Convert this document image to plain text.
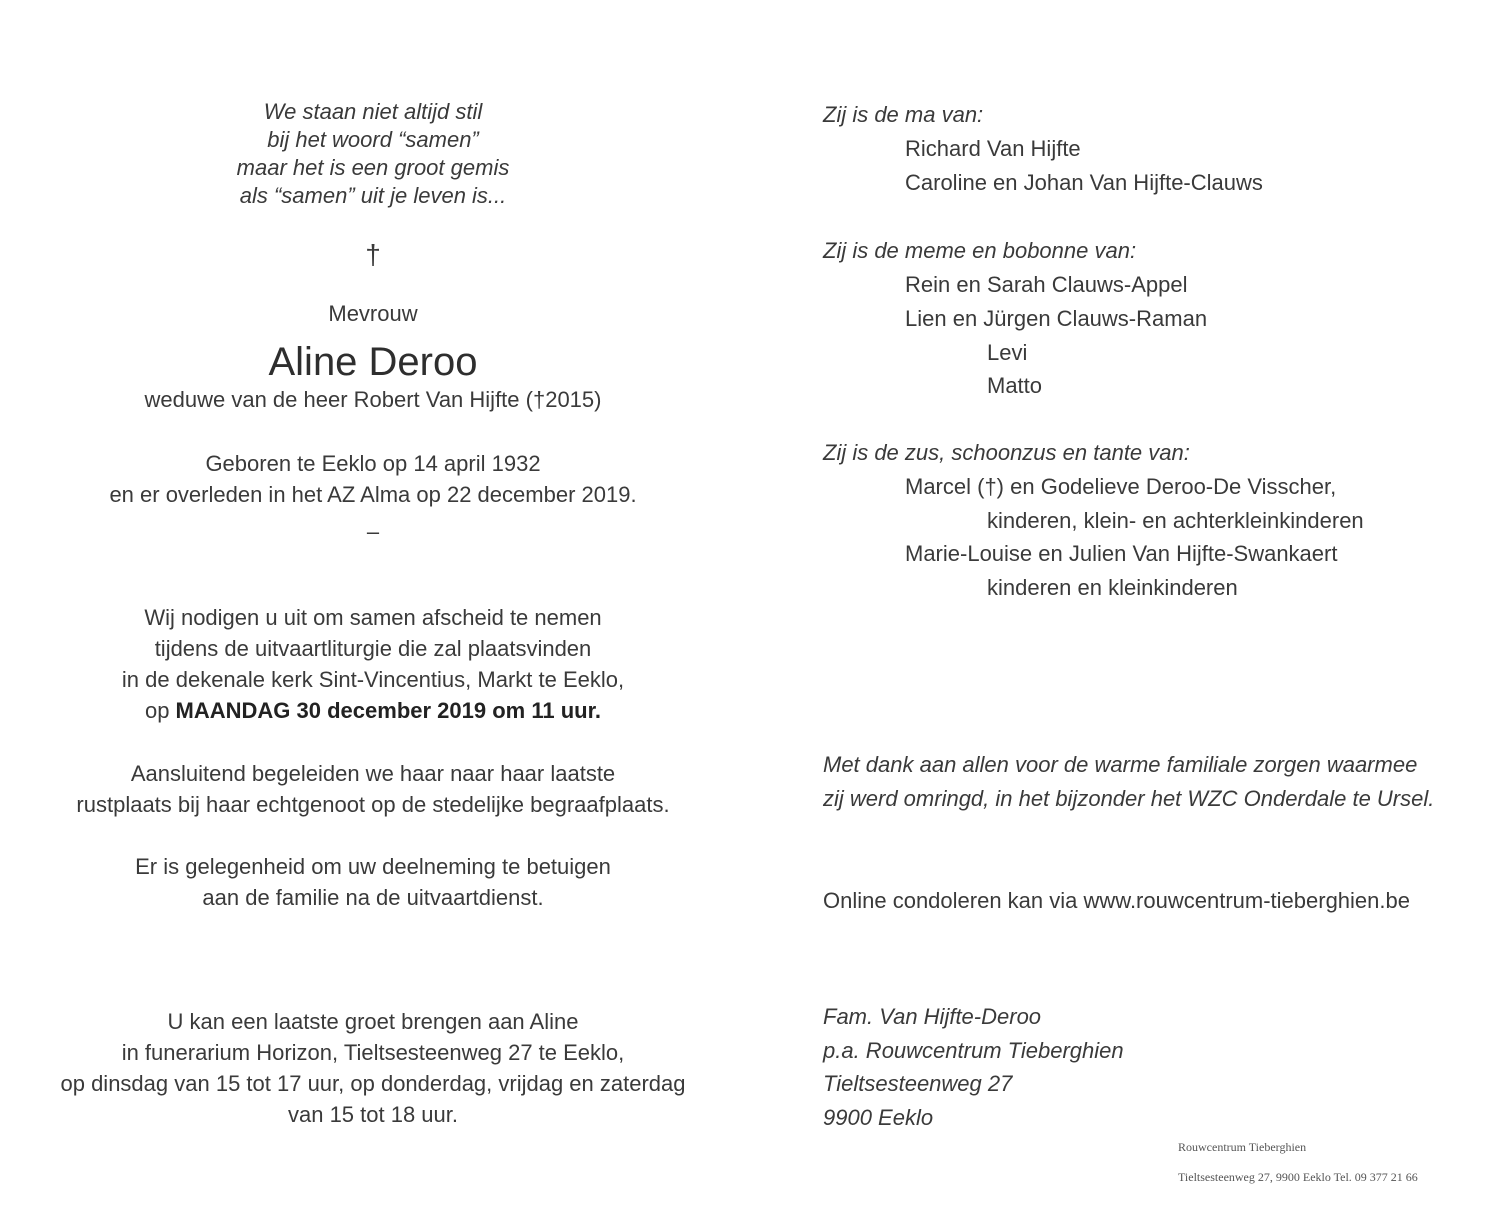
We staan niet altijd stil
bij het woord “samen”
maar het is een groot gemis
als “samen” uit je leven is...
†
Mevrouw
Aline Deroo
weduwe van de heer Robert Van Hijfte (†2015)
Geboren te Eeklo op 14 april 1932
en er overleden in het AZ Alma op 22 december 2019.
–
Wij nodigen u uit om samen afscheid te nemen
tijdens de uitvaartliturgie die zal plaatsvinden
in de dekenale kerk Sint-Vincentius, Markt te Eeklo,
op MAANDAG 30 december 2019 om 11 uur.
Aansluitend begeleiden we haar naar haar laatste
rustplaats bij haar echtgenoot op de stedelijke begraafplaats.
Er is gelegenheid om uw deelneming te betuigen
aan de familie na de uitvaartdienst.
U kan een laatste groet brengen aan Aline
in funerarium Horizon, Tieltsesteenweg 27 te Eeklo,
op dinsdag van 15 tot 17 uur, op donderdag, vrijdag en zaterdag
van 15 tot 18 uur.
Zij is de ma van:
Richard Van Hijfte
Caroline en Johan Van Hijfte-Clauws
Zij is de meme en bobonne van:
Rein en Sarah Clauws-Appel
Lien en Jürgen Clauws-Raman
Levi
Matto
Zij is de zus, schoonzus en tante van:
Marcel (†) en Godelieve Deroo-De Visscher,
kinderen, klein- en achterkleinkinderen
Marie-Louise en Julien Van Hijfte-Swankaert
kinderen en kleinkinderen
Met dank aan allen voor de warme familiale zorgen waarmee
zij werd omringd, in het bijzonder het WZC Onderdale te Ursel.
Online condoleren kan via www.rouwcentrum-tieberghien.be
Fam. Van Hijfte-Deroo
p.a. Rouwcentrum Tieberghien
Tieltsesteenweg 27
9900 Eeklo
Rouwcentrum Tieberghien
Tieltsesteenweg 27, 9900 Eeklo Tel. 09 377 21 66
